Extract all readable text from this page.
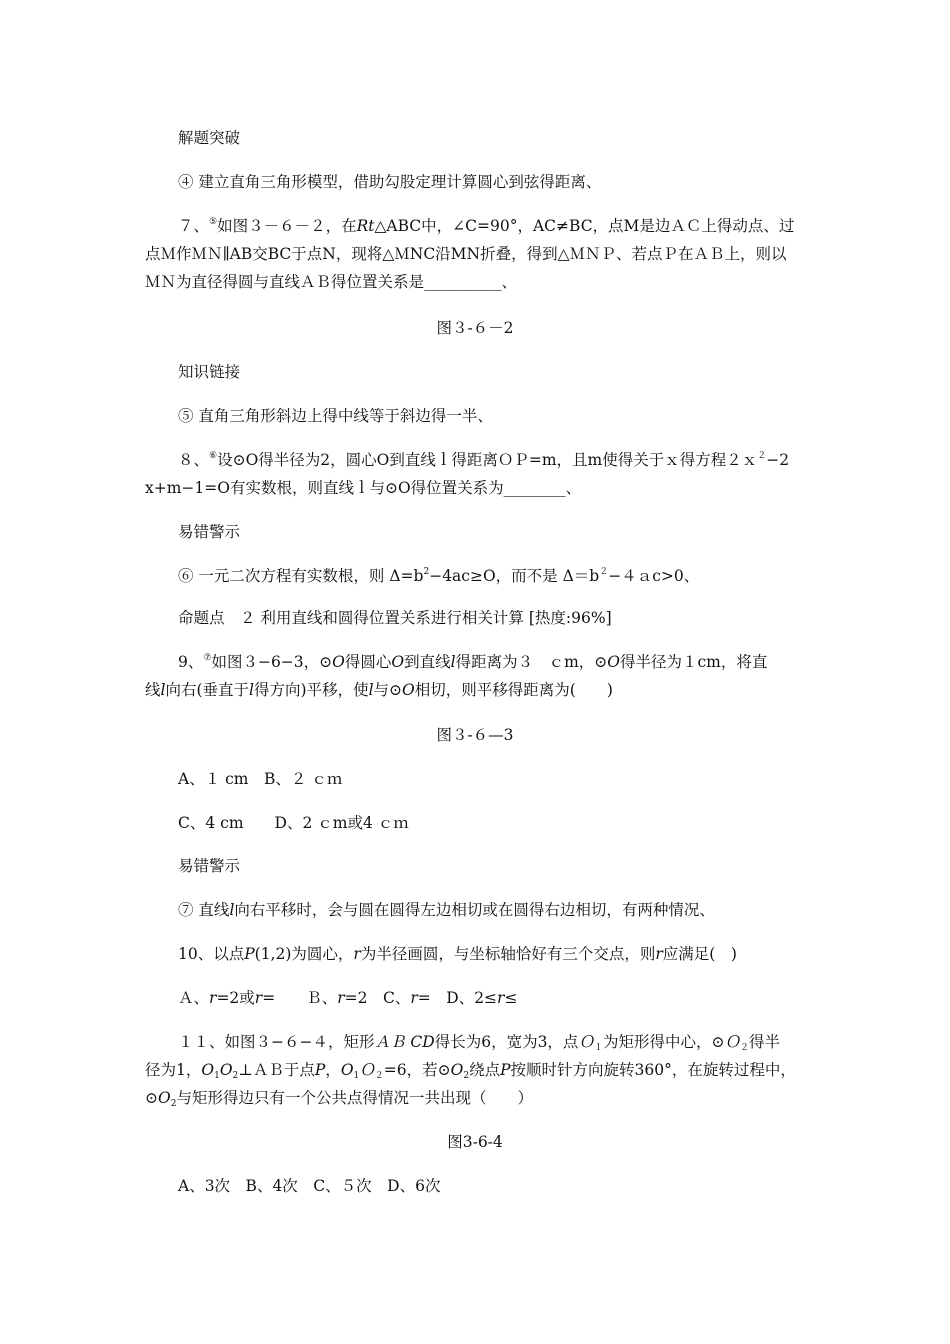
解题突破
④ 建立直角三角形模型，借助勾股定理计算圆心到弦得距离、
７、⑤如图３－６－２，在Rt△ABC中，∠C=90°，AC≠BC，点M是边ＡＣ上得动点、过
点Ｍ作ＭＮ∥AB交BC于点N，现将△ＭNC沿MN折叠，得到△ＭＮＰ、若点Ｐ在ＡＢ上，则以
ＭＮ为直径得圆与直线ＡＢ得位置关系是__________、
图３-６－2
知识链接
⑤ 直角三角形斜边上得中线等于斜边得一半、
８、⑥设⊙O得半径为2，圆心O到直线ｌ得距离ＯＰ=m，且m使得关于ｘ得方程２ｘ$^2$−2
x+m−1=O有实数根，则直线ｌ与⊙O得位置关系为________、
易错警示
⑥ 一元二次方程有实数根，则 $\Delta=b^2-4ac\ge O$，而不是 $\Delta=b^2-4ac>0$、
命题点　２ 利用直线和圆得位置关系进行相关计算 [热度:96%]
9、⑦如图３−6−3，⊙O得圆心O到直线l得距离为３　ｃm，⊙O得半径为１cm，将直
线l向右(垂直于l得方向)平移，使l与⊙O相切，则平移得距离为(　　)
图３-６—3
A、１ cm　B、２ ｃｍ
C、4 cm　　D、2 ｃm或4 ｃｍ
易错警示
⑦ 直线l向右平移时，会与圆在圆得左边相切或在圆得右边相切，有两种情况、
10、以点P(1,2)为圆心，r为半径画圆，与坐标轴恰好有三个交点，则r应满足(　)
Ａ、r=2或r=　　Ｂ、r=2　C、r=　D、2≤r≤
１１、如图３−６−４，矩形ＡＢ CD得长为6，宽为3，点Ｏ$_1$为矩形得中心，⊙Ｏ$_2$得半
径为1，$O_1O_2\perp AB$于点P，$O_1O_2=6$，若$⊙O_2$绕点P按顺时针方向旋转360°，在旋转过程中，
$⊙O_2$与矩形得边只有一个公共点得情况一共出现（　　）
图3-6-4
A、3次　B、4次　C、５次　D、6次
